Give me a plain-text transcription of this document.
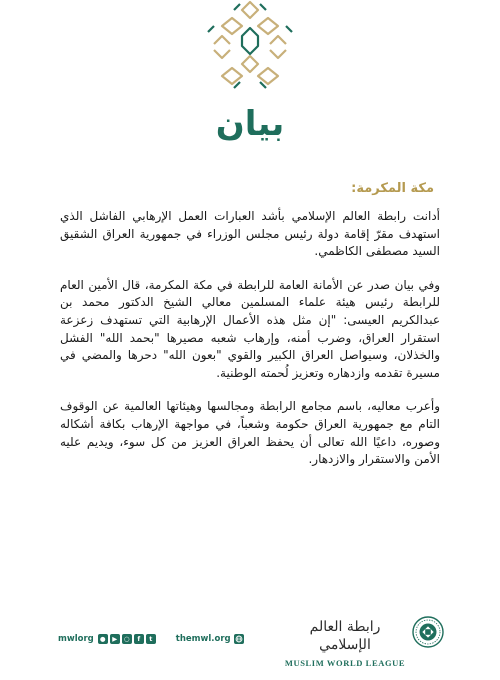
بيان
مكة المكرمة:

أدانت رابطة العالم الإسلامي بأشد العبارات العمل الإرهابي الفاشل الذي استهدف مقرّ إقامة دولة رئيس مجلس الوزراء في جمهورية العراق الشقيق السيد مصطفى الكاظمي.

وفي بيان صدر عن الأمانة العامة للرابطة في مكة المكرمة، قال الأمين العام للرابطة رئيس هيئة علماء المسلمين معالي الشيخ الدكتور محمد بن عبدالكريم العيسى: "إن مثل هذه الأعمال الإرهابية التي تستهدف زعزعة استقرار العراق، وضرب أمنه، وإرهاب شعبه مصيرها "بحمد الله" الفشل والخذلان، وسيواصل العراق الكبير والقوي "بعون الله" دحرها والمضي في مسيرة تقدمه وازدهاره وتعزيز لُحمته الوطنية.

وأعرب معاليه، باسم مجامع الرابطة ومجالسها وهيئاتها العالمية عن الوقوف التام مع جمهورية العراق حكومة وشعباً، في مواجهة الإرهاب بكافة أشكاله وصوره، داعيًا الله تعالى أن يحفظ العراق العزيز من كل سوء، ويديم عليه الأمن والاستقرار والازدهار.

mwlorg ●	▶	○	f	t	themwl.org
رابطة العالم الإسلامي
MUSLIM WORLD LEAGUE
